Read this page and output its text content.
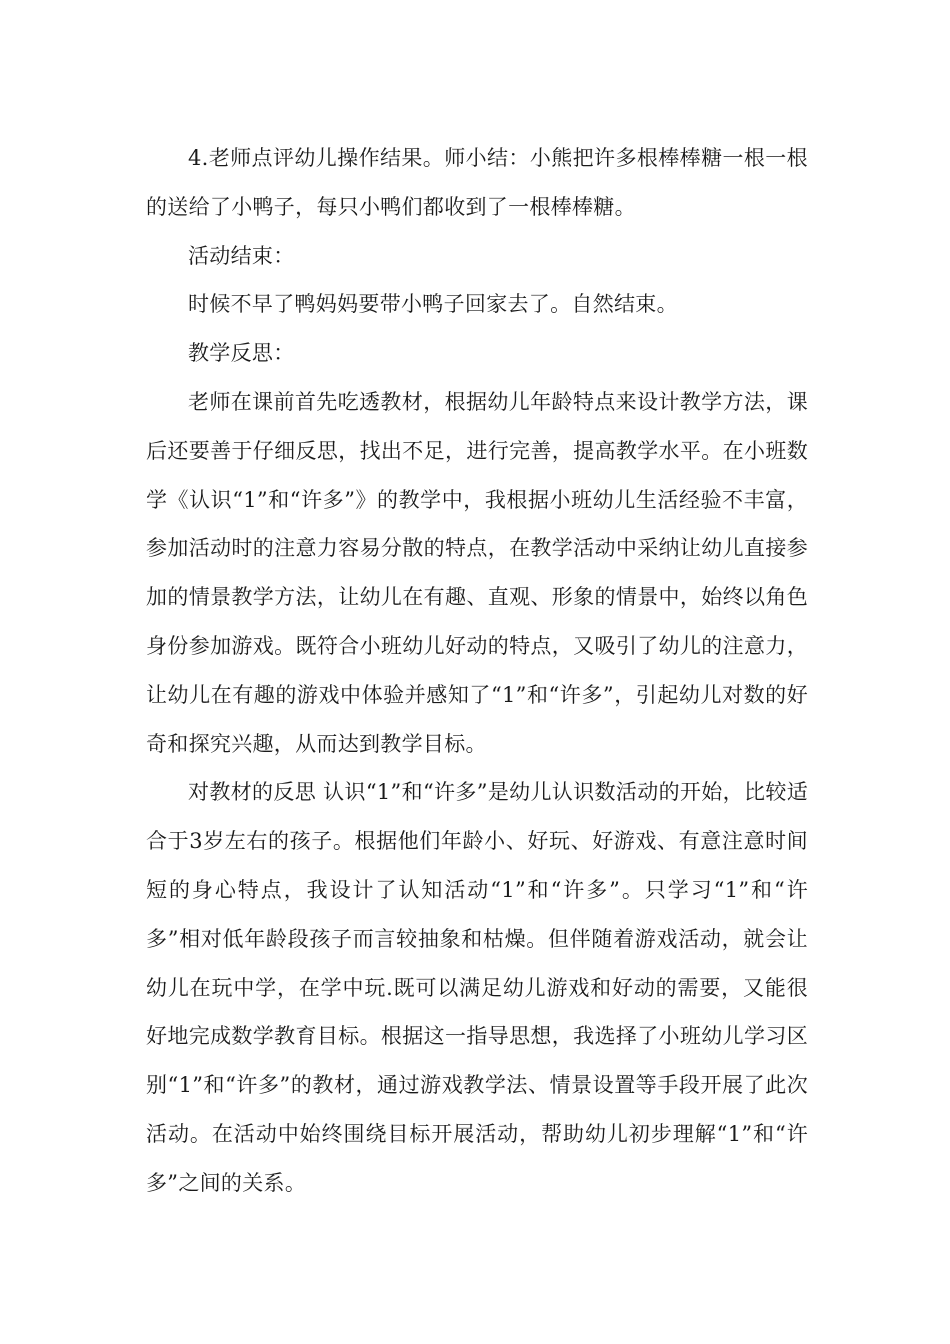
4.老师点评幼儿操作结果。师小结：小熊把许多根棒棒糖一根一根的送给了小鸭子，每只小鸭们都收到了一根棒棒糖。

活动结束：

时候不早了鸭妈妈要带小鸭子回家去了。自然结束。

教学反思：

老师在课前首先吃透教材，根据幼儿年龄特点来设计教学方法，课后还要善于仔细反思，找出不足，进行完善，提高教学水平。在小班数学《认识“1”和“许多”》的教学中，我根据小班幼儿生活经验不丰富，参加活动时的注意力容易分散的特点，在教学活动中采纳让幼儿直接参加的情景教学方法，让幼儿在有趣、直观、形象的情景中，始终以角色身份参加游戏。既符合小班幼儿好动的特点，又吸引了幼儿的注意力，让幼儿在有趣的游戏中体验并感知了“1”和“许多”，引起幼儿对数的好奇和探究兴趣，从而达到教学目标。

对教材的反思 认识“1”和“许多”是幼儿认识数活动的开始，比较适合于3岁左右的孩子。根据他们年龄小、好玩、好游戏、有意注意时间短的身心特点，我设计了认知活动“1”和“许多”。只学习“1”和“许多”相对低年龄段孩子而言较抽象和枯燥。但伴随着游戏活动，就会让幼儿在玩中学，在学中玩.既可以满足幼儿游戏和好动的需要，又能很好地完成数学教育目标。根据这一指导思想，我选择了小班幼儿学习区别“1”和“许多”的教材，通过游戏教学法、情景设置等手段开展了此次活动。在活动中始终围绕目标开展活动，帮助幼儿初步理解“1”和“许多”之间的关系。
